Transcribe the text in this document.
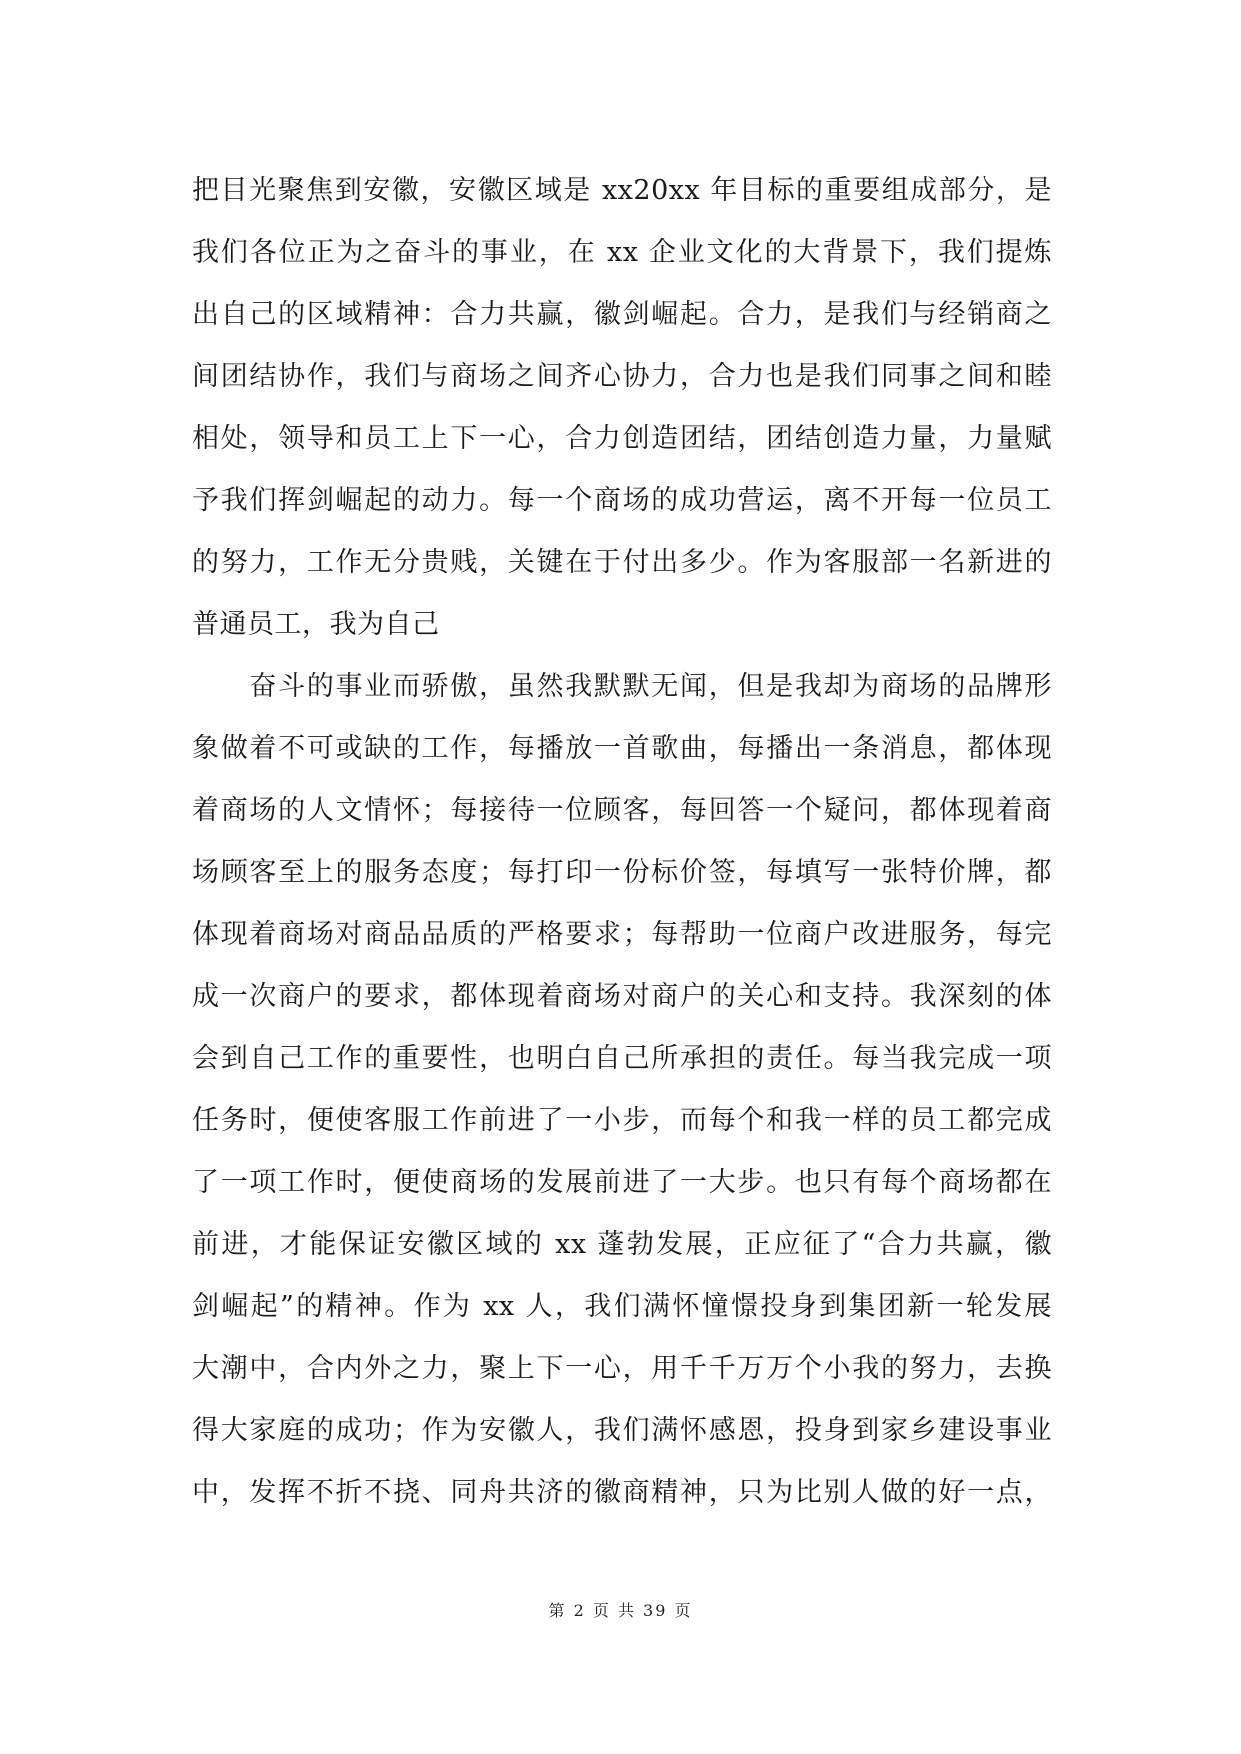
把目光聚焦到安徽，安徽区域是 xx20xx 年目标的重要组成部分，是
我们各位正为之奋斗的事业，在 xx 企业文化的大背景下，我们提炼
出自己的区域精神：合力共赢，徽剑崛起。合力，是我们与经销商之
间团结协作，我们与商场之间齐心协力，合力也是我们同事之间和睦
相处，领导和员工上下一心，合力创造团结，团结创造力量，力量赋
予我们挥剑崛起的动力。每一个商场的成功营运，离不开每一位员工
的努力，工作无分贵贱，关键在于付出多少。作为客服部一名新进的
普通员工，我为自己
　　奋斗的事业而骄傲，虽然我默默无闻，但是我却为商场的品牌形
象做着不可或缺的工作，每播放一首歌曲，每播出一条消息，都体现
着商场的人文情怀；每接待一位顾客，每回答一个疑问，都体现着商
场顾客至上的服务态度；每打印一份标价签，每填写一张特价牌，都
体现着商场对商品品质的严格要求；每帮助一位商户改进服务，每完
成一次商户的要求，都体现着商场对商户的关心和支持。我深刻的体
会到自己工作的重要性，也明白自己所承担的责任。每当我完成一项
任务时，便使客服工作前进了一小步，而每个和我一样的员工都完成
了一项工作时，便使商场的发展前进了一大步。也只有每个商场都在
前进，才能保证安徽区域的 xx 蓬勃发展，正应征了“合力共赢，徽
剑崛起”的精神。作为 xx 人，我们满怀憧憬投身到集团新一轮发展
大潮中，合内外之力，聚上下一心，用千千万万个小我的努力，去换
得大家庭的成功；作为安徽人，我们满怀感恩，投身到家乡建设事业
中，发挥不折不挠、同舟共济的徽商精神，只为比别人做的好一点，
第 2 页 共 39 页
